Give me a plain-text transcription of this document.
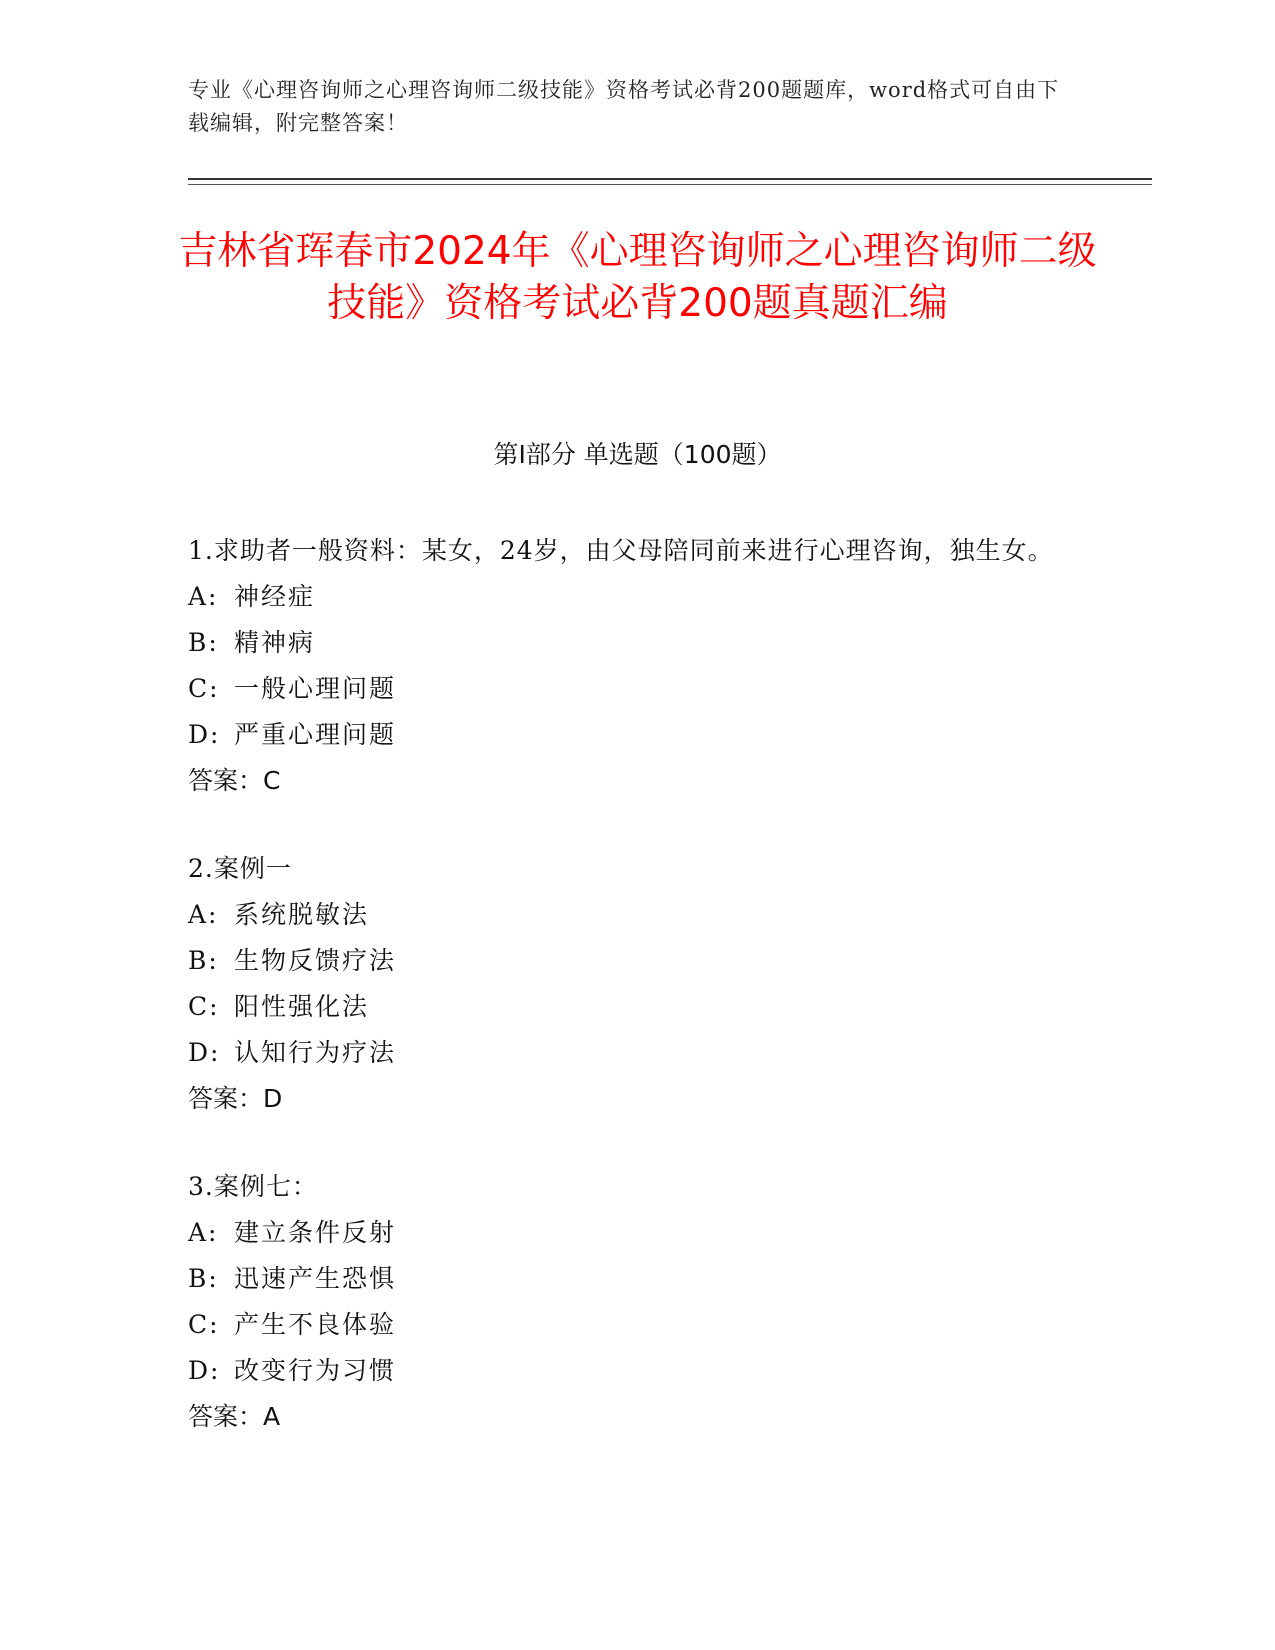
专业《心理咨询师之心理咨询师二级技能》资格考试必背200题题库，word格式可自由下载编辑，附完整答案！
吉林省珲春市2024年《心理咨询师之心理咨询师二级技能》资格考试必背200题真题汇编
第Ⅰ部分 单选题（100题）

1.求助者一般资料：某女，24岁，由父母陪同前来进行心理咨询，独生女。

A: 神经症

B: 精神病

C: 一般心理问题

D: 严重心理问题

答案：C

2.案例一

A: 系统脱敏法

B: 生物反馈疗法

C: 阳性强化法

D: 认知行为疗法

答案：D

3.案例七：

A: 建立条件反射

B: 迅速产生恐惧

C: 产生不良体验

D: 改变行为习惯

答案：A
